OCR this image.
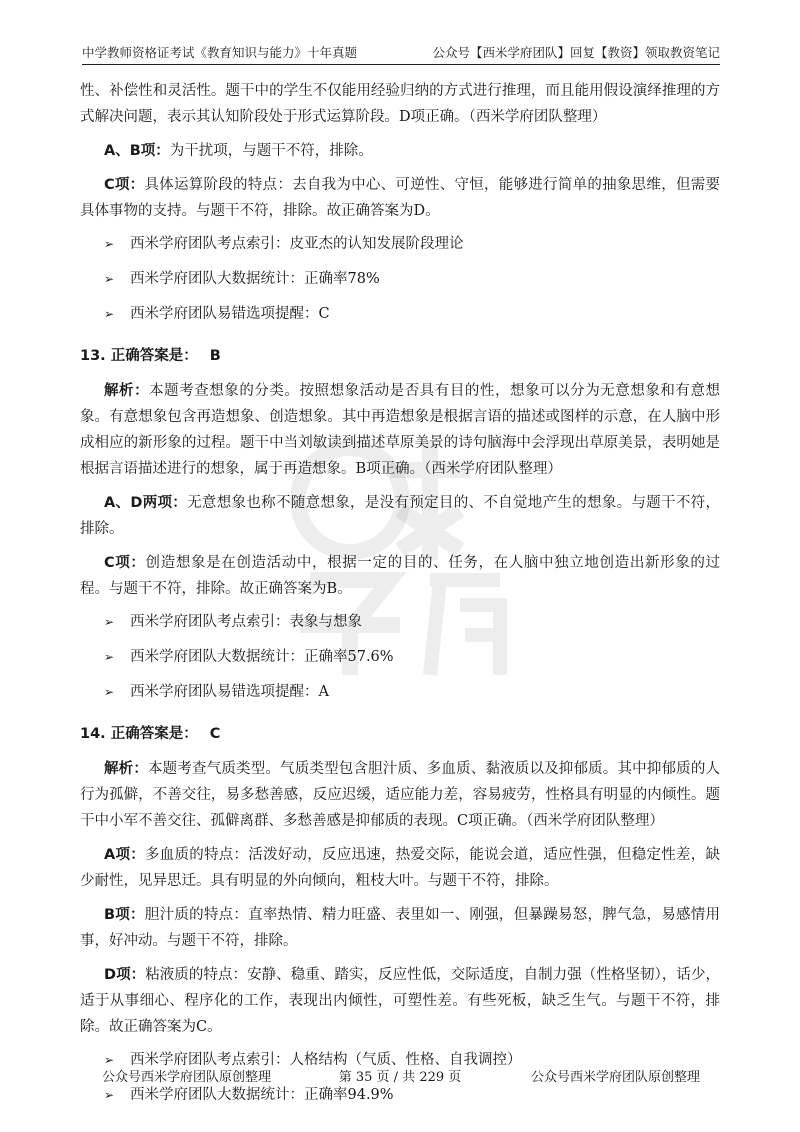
中学教师资格证考试《教育知识与能力》十年真题	公众号【西米学府团队】回复【教资】领取教资笔记

性、补偿性和灵活性。题干中的学生不仅能用经验归纳的方式进行推理，而且能用假设演绎推理的方式解决问题，表示其认知阶段处于形式运算阶段。D项正确。（西米学府团队整理）

A、B项：为干扰项，与题干不符，排除。

C项：具体运算阶段的特点：去自我为中心、可逆性、守恒，能够进行简单的抽象思维，但需要具体事物的支持。与题干不符，排除。故正确答案为D。

➢ 西米学府团队考点索引：皮亚杰的认知发展阶段理论
➢ 西米学府团队大数据统计：正确率78%
➢ 西米学府团队易错选项提醒：C
13. 正确答案是： B

解析：本题考查想象的分类。按照想象活动是否具有目的性，想象可以分为无意想象和有意想象。有意想象包含再造想象、创造想象。其中再造想象是根据言语的描述或图样的示意，在人脑中形成相应的新形象的过程。题干中当刘敏读到描述草原美景的诗句脑海中会浮现出草原美景，表明她是根据言语描述进行的想象，属于再造想象。B项正确。（西米学府团队整理）

A、D两项：无意想象也称不随意想象，是没有预定目的、不自觉地产生的想象。与题干不符，排除。

C项：创造想象是在创造活动中，根据一定的目的、任务，在人脑中独立地创造出新形象的过程。与题干不符，排除。故正确答案为B。

➢ 西米学府团队考点索引：表象与想象
➢ 西米学府团队大数据统计：正确率57.6%
➢ 西米学府团队易错选项提醒：A
14. 正确答案是： C

解析：本题考查气质类型。气质类型包含胆汁质、多血质、黏液质以及抑郁质。其中抑郁质的人行为孤僻，不善交往，易多愁善感，反应迟缓，适应能力差，容易疲劳，性格具有明显的内倾性。题干中小军不善交往、孤僻离群、多愁善感是抑郁质的表现。C项正确。（西米学府团队整理）

A项：多血质的特点：活泼好动，反应迅速，热爱交际，能说会道，适应性强，但稳定性差，缺少耐性，见异思迁。具有明显的外向倾向，粗枝大叶。与题干不符，排除。

B项：胆汁质的特点：直率热情、精力旺盛、表里如一、刚强，但暴躁易怒，脾气急，易感情用事，好冲动。与题干不符，排除。

D项：粘液质的特点：安静、稳重、踏实，反应性低，交际适度，自制力强（性格坚韧），话少，适于从事细心、程序化的工作，表现出内倾性，可塑性差。有些死板，缺乏生气。与题干不符，排除。故正确答案为C。

➢ 西米学府团队考点索引：人格结构（气质、性格、自我调控）
➢ 西米学府团队大数据统计：正确率94.9%
公众号西米学府团队原创整理	第 35 页 / 共 229 页	公众号西米学府团队原创整理
